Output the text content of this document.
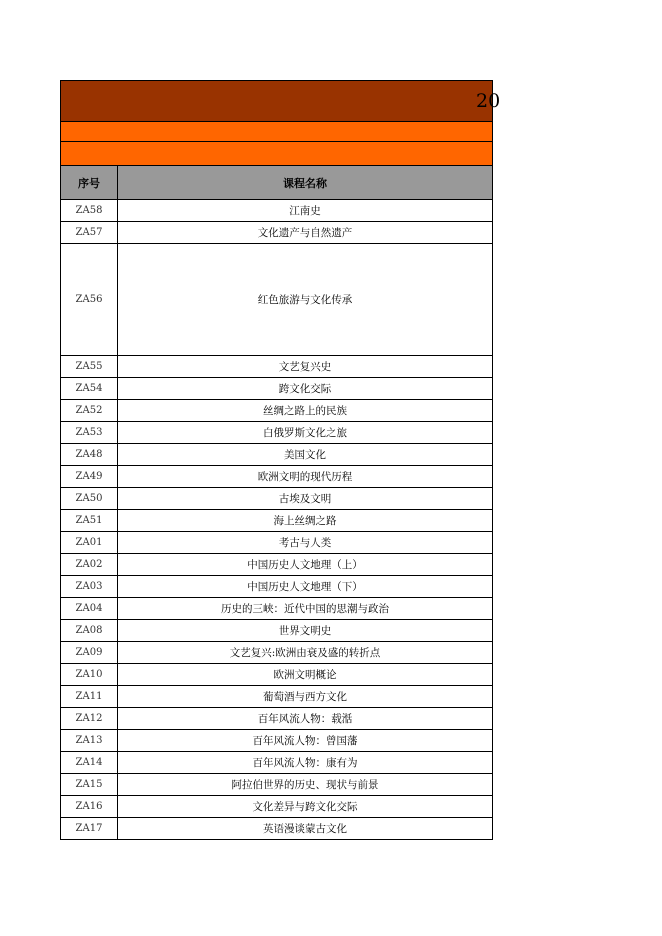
20
序号	课程名称
ZA58	江南史
ZA57	文化遗产与自然遗产
ZA56	红色旅游与文化传承
ZA55	文艺复兴史
ZA54	跨文化交际
ZA52	丝绸之路上的民族
ZA53	白俄罗斯文化之旅
ZA48	美国文化
ZA49	欧洲文明的现代历程
ZA50	古埃及文明
ZA51	海上丝绸之路
ZA01	考古与人类
ZA02	中国历史人文地理（上）
ZA03	中国历史人文地理（下）
ZA04	历史的三峡：近代中国的思潮与政治
ZA08	世界文明史
ZA09	文艺复兴:欧洲由衰及盛的转折点
ZA10	欧洲文明概论
ZA11	葡萄酒与西方文化
ZA12	百年风流人物：载湉
ZA13	百年风流人物：曾国藩
ZA14	百年风流人物：康有为
ZA15	阿拉伯世界的历史、现状与前景
ZA16	文化差异与跨文化交际
ZA17	英语漫谈蒙古文化
